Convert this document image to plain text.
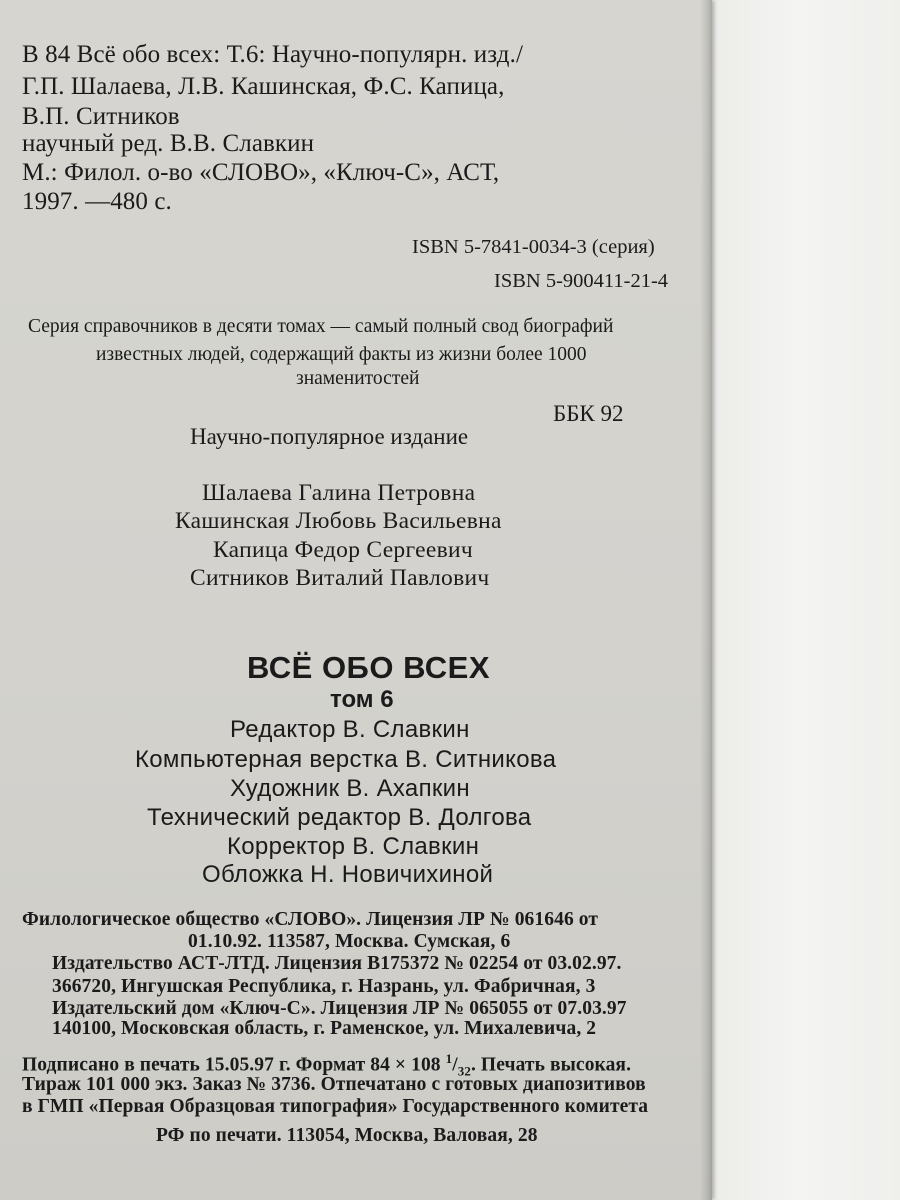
В 84 Всё обо всех: Т.6: Научно-популярн. изд./
Г.П. Шалаева, Л.В. Кашинская, Ф.С. Капица,
В.П. Ситников
научный ред. В.В. Славкин
М.: Филол. о-во «СЛОВО», «Ключ-С», АСТ,
1997. —480 с.
ISBN 5-7841-0034-3 (серия)
ISBN 5-900411-21-4
Серия справочников в десяти томах — самый полный свод биографий
известных людей, содержащий факты из жизни более 1000
знаменитостей
ББК 92
Научно-популярное издание
Шалаева Галина Петровна
Кашинская Любовь Васильевна
Капица Федор Сергеевич
Ситников Виталий Павлович
ВСЁ ОБО ВСЕХ
том 6
Редактор В. Славкин
Компьютерная верстка В. Ситникова
Художник В. Ахапкин
Технический редактор В. Долгова
Корректор В. Славкин
Обложка Н. Новичихиной
Филологическое общество «СЛОВО». Лицензия ЛР № 061646 от
01.10.92. 113587, Москва. Сумская, 6
Издательство АСТ-ЛТД. Лицензия В175372 № 02254 от 03.02.97.
366720, Ингушская Республика, г. Назрань, ул. Фабричная, 3
Издательский дом «Ключ-С». Лицензия ЛР № 065055 от 07.03.97
140100, Московская область, г. Раменское, ул. Михалевича, 2
Подписано в печать 15.05.97 г. Формат 84 × 108 $^1/_{32}$. Печать высокая.
Тираж 101 000 экз. Заказ № 3736. Отпечатано с готовых диапозитивов
в ГМП «Первая Образцовая типография» Государственного комитета
РФ по печати. 113054, Москва, Валовая, 28
